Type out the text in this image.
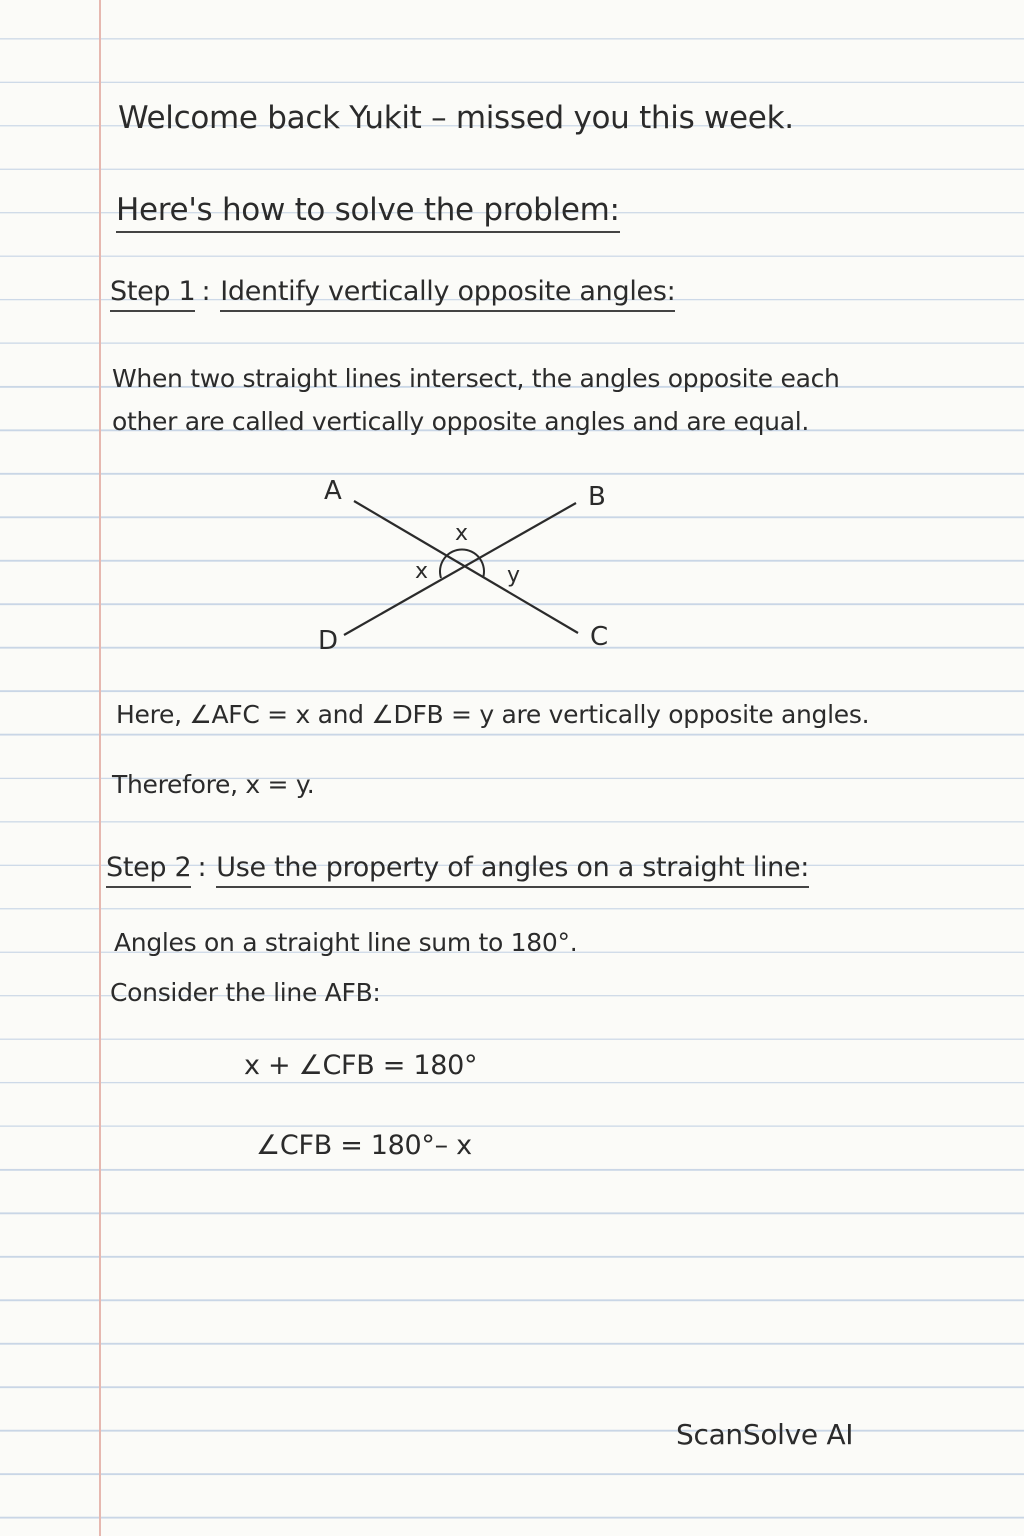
Welcome back Yukit – missed you this week.
Here's how to solve the problem:
Step 1 : Identify vertically opposite angles:
When two straight lines intersect, the angles opposite each
other are called vertically opposite angles and are equal.
A	B
C
D
x
x	y
Here, ∠AFC = x and ∠DFB = y are vertically opposite angles.
Therefore, x = y.
Step 2 : Use the property of angles on a straight line:
Angles on a straight line sum to 180°.
Consider the line AFB:
x + ∠CFB = 180°
∠CFB = 180°– x
ScanSolve AI
